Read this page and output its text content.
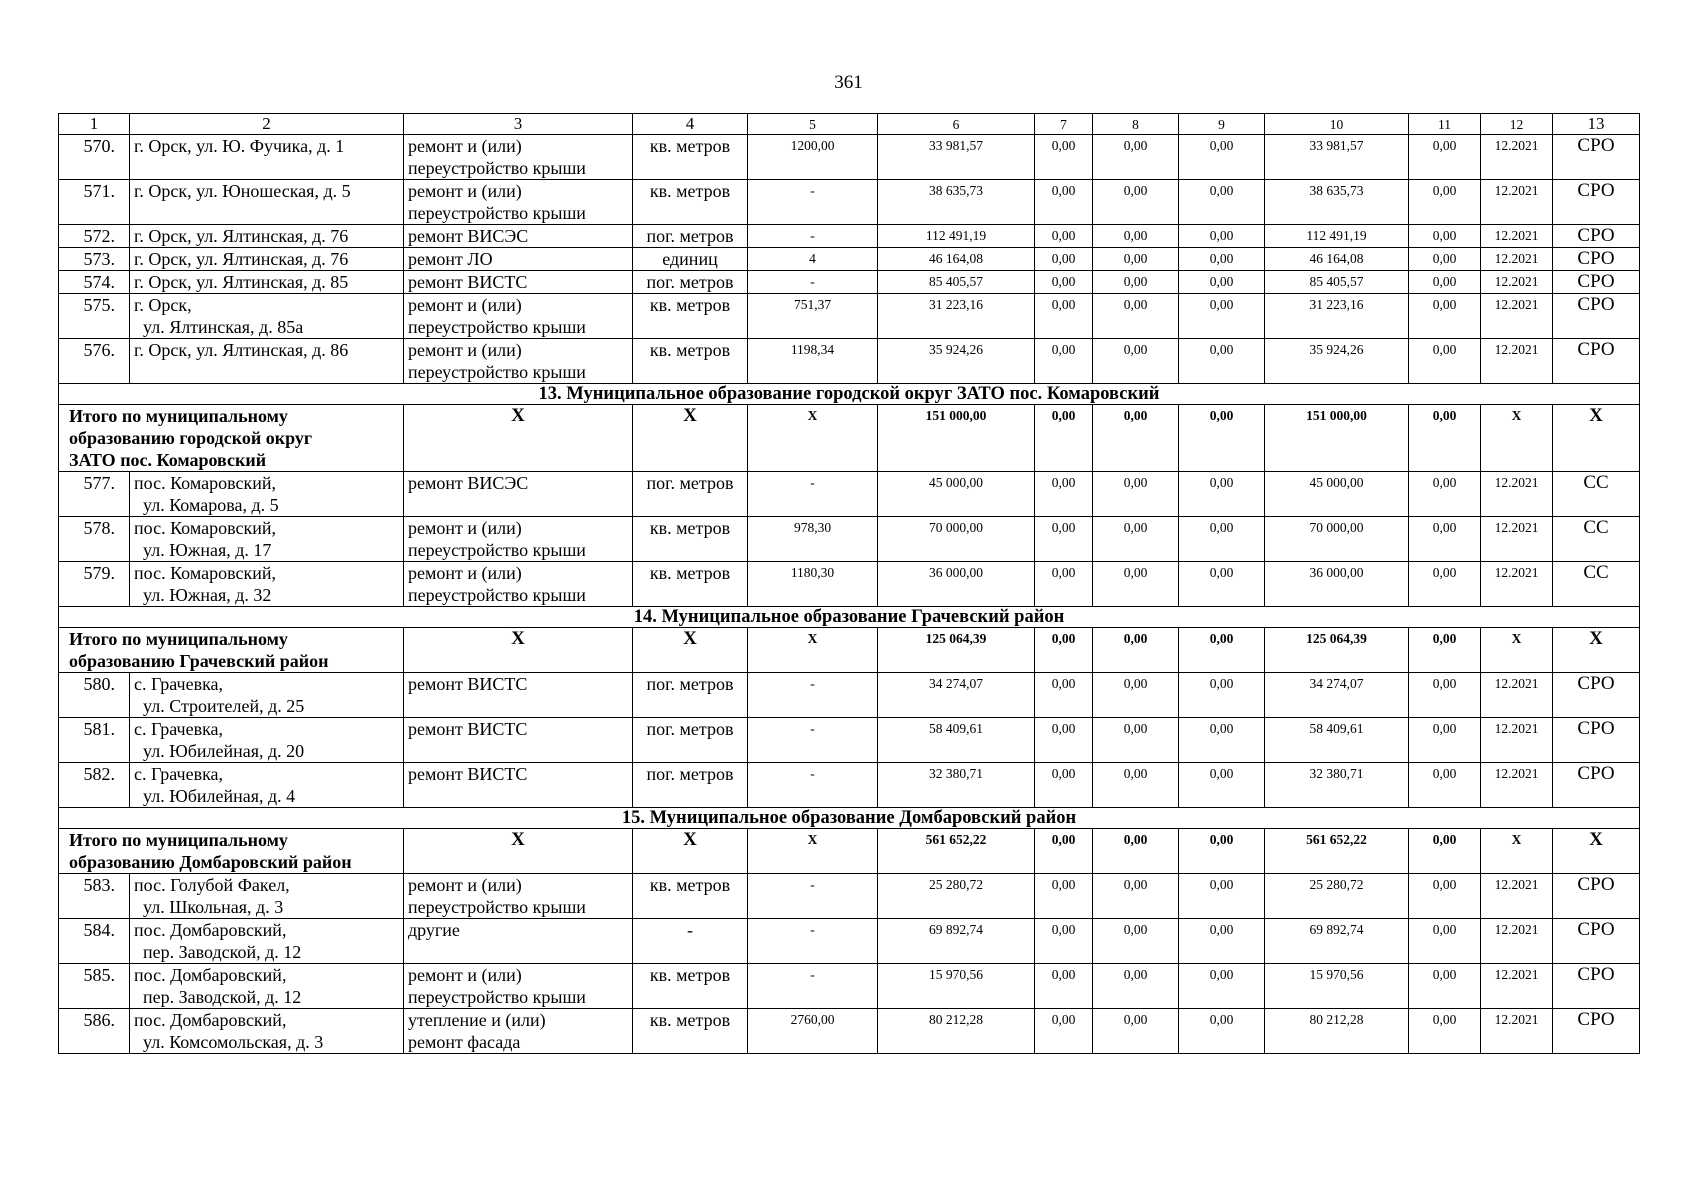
361
1	2	3	4	5	6	7	8	9	10	11	12	13
570.	г. Орск, ул. Ю. Фучика, д. 1	ремонт и (или)
переустройство крыши	кв. метров	1200,00	33 981,57	0,00	0,00	0,00	33 981,57	0,00	12.2021	СРО
571.	г. Орск, ул. Юношеская, д. 5	ремонт и (или)
переустройство крыши	кв. метров	-	38 635,73	0,00	0,00	0,00	38 635,73	0,00	12.2021	СРО
572.	г. Орск, ул. Ялтинская, д. 76	ремонт ВИСЭС	пог. метров	-	112 491,19	0,00	0,00	0,00	112 491,19	0,00	12.2021	СРО
573.	г. Орск, ул. Ялтинская, д. 76	ремонт ЛО	единиц	4	46 164,08	0,00	0,00	0,00	46 164,08	0,00	12.2021	СРО
574.	г. Орск, ул. Ялтинская, д. 85	ремонт ВИСТС	пог. метров	-	85 405,57	0,00	0,00	0,00	85 405,57	0,00	12.2021	СРО
575.	г. Орск,
ул. Ялтинская, д. 85а	ремонт и (или)
переустройство крыши	кв. метров	751,37	31 223,16	0,00	0,00	0,00	31 223,16	0,00	12.2021	СРО
576.	г. Орск, ул. Ялтинская, д. 86	ремонт и (или)
переустройство крыши	кв. метров	1198,34	35 924,26	0,00	0,00	0,00	35 924,26	0,00	12.2021	СРО
13. Муниципальное образование городской округ ЗАТО пос. Комаровский												

Итого по муниципальному
образованию городской округ
ЗАТО пос. Комаровский		X	X	X	151 000,00	0,00	0,00	0,00	151 000,00	0,00	X	X
577.	пос. Комаровский,
ул. Комарова, д. 5	ремонт ВИСЭС	пог. метров	-	45 000,00	0,00	0,00	0,00	45 000,00	0,00	12.2021	СС
578.	пос. Комаровский,
ул. Южная, д. 17	ремонт и (или)
переустройство крыши	кв. метров	978,30	70 000,00	0,00	0,00	0,00	70 000,00	0,00	12.2021	СС
579.	пос. Комаровский,
ул. Южная, д. 32	ремонт и (или)
переустройство крыши	кв. метров	1180,30	36 000,00	0,00	0,00	0,00	36 000,00	0,00	12.2021	СС
14. Муниципальное образование Грачевский район												

Итого по муниципальному
образованию Грачевский район		X	X	X	125 064,39	0,00	0,00	0,00	125 064,39	0,00	X	X
580.	с. Грачевка,
ул. Строителей, д. 25	ремонт ВИСТС	пог. метров	-	34 274,07	0,00	0,00	0,00	34 274,07	0,00	12.2021	СРО
581.	с. Грачевка,
ул. Юбилейная, д. 20	ремонт ВИСТС	пог. метров	-	58 409,61	0,00	0,00	0,00	58 409,61	0,00	12.2021	СРО
582.	с. Грачевка,
ул. Юбилейная, д. 4	ремонт ВИСТС	пог. метров	-	32 380,71	0,00	0,00	0,00	32 380,71	0,00	12.2021	СРО
15. Муниципальное образование Домбаровский район												

Итого по муниципальному
образованию Домбаровский район		X	X	X	561 652,22	0,00	0,00	0,00	561 652,22	0,00	X	X
583.	пос. Голубой Факел,
ул. Школьная, д. 3	ремонт и (или)
переустройство крыши	кв. метров	-	25 280,72	0,00	0,00	0,00	25 280,72	0,00	12.2021	СРО
584.	пос. Домбаровский,
пер. Заводской, д. 12	другие	-	-	69 892,74	0,00	0,00	0,00	69 892,74	0,00	12.2021	СРО
585.	пос. Домбаровский,
пер. Заводской, д. 12	ремонт и (или)
переустройство крыши	кв. метров	-	15 970,56	0,00	0,00	0,00	15 970,56	0,00	12.2021	СРО
586.	пос. Домбаровский,
ул. Комсомольская, д. 3	утепление и (или)
ремонт фасада	кв. метров	2760,00	80 212,28	0,00	0,00	0,00	80 212,28	0,00	12.2021	СРО
